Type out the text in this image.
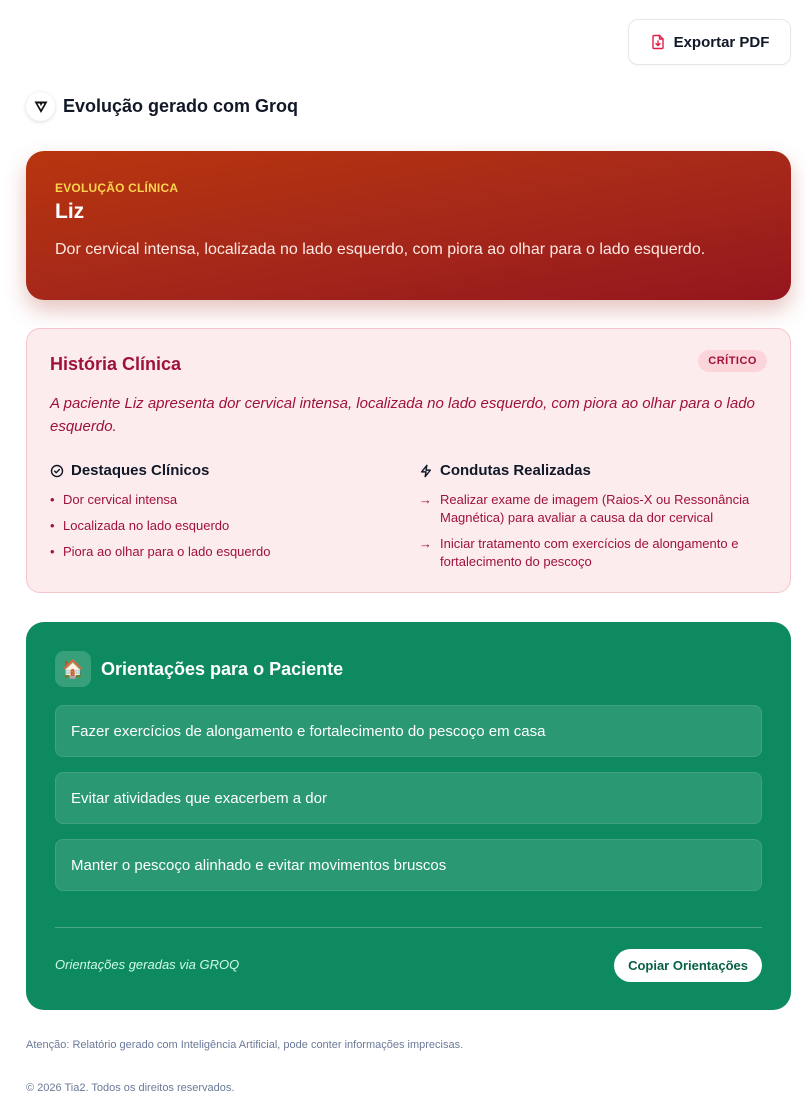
Exportar PDF
Evolução gerado com Groq
EVOLUÇÃO CLÍNICA
Liz
Dor cervical intensa, localizada no lado esquerdo, com piora ao olhar para o lado esquerdo.
História Clínica	CRÍTICO
A paciente Liz apresenta dor cervical intensa, localizada no lado esquerdo, com piora ao olhar para o lado esquerdo.
Destaques Clínicos
• Dor cervical intensa
• Localizada no lado esquerdo
• Piora ao olhar para o lado esquerdo
Condutas Realizadas
→ Realizar exame de imagem (Raios-X ou Ressonância Magnética) para avaliar a causa da dor cervical
→ Iniciar tratamento com exercícios de alongamento e fortalecimento do pescoço
🏠 Orientações para o Paciente
Fazer exercícios de alongamento e fortalecimento do pescoço em casa
Evitar atividades que exacerbem a dor
Manter o pescoço alinhado e evitar movimentos bruscos
Orientações geradas via GROQ	Copiar Orientações
Atenção: Relatório gerado com Inteligência Artificial, pode conter informações imprecisas.
© 2026 Tia2. Todos os direitos reservados.
